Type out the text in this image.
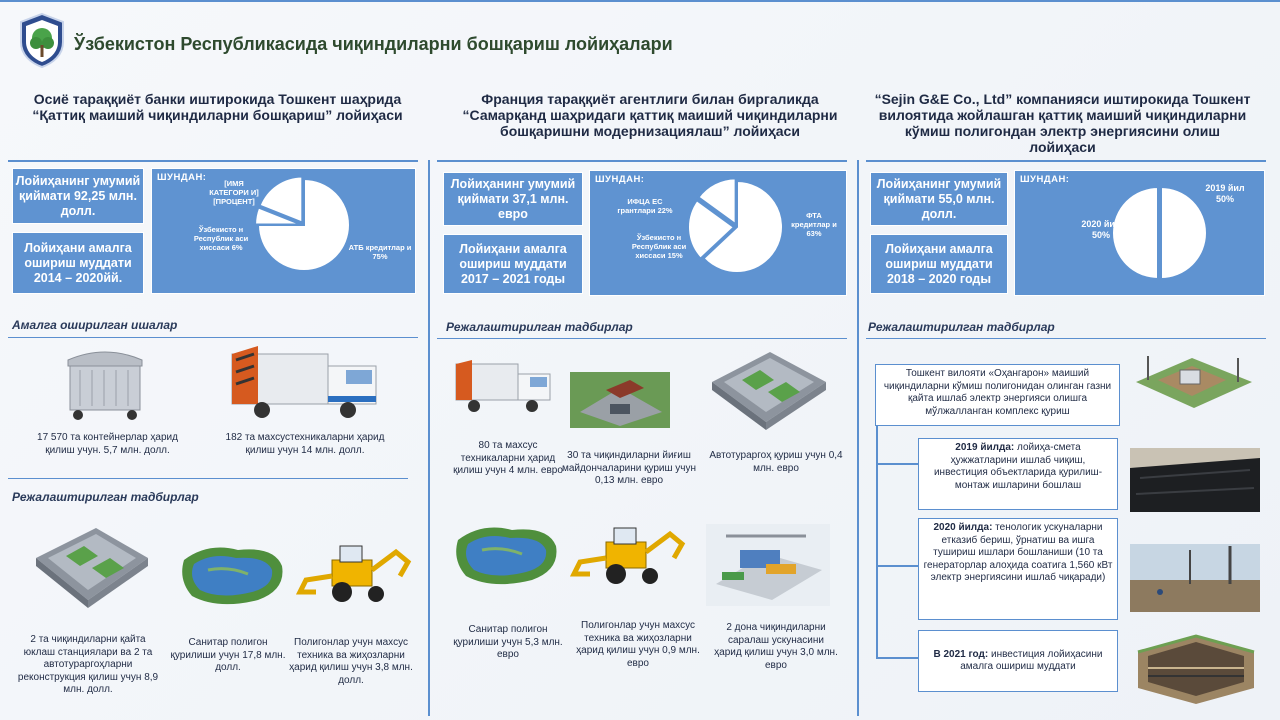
Ўзбекистон Республикасида чиқиндиларни бошқариш лойиҳалари
Осиё тараққиёт банки иштирокида Тошкент шаҳрида “Қаттиқ маиший чиқиндиларни бошқариш” лойиҳаси
Франция тараққиёт агентлиги билан биргаликда “Самарқанд шаҳридаги қаттиқ маиший чиқиндиларни бошқаришни модернизациялаш” лойиҳаси
“Sejin G&E Co., Ltd” компанияси иштирокида Тошкент вилоятида жойлашган қаттиқ маиший чиқиндиларни кўмиш полигондан электр энергиясини олиш лойиҳаси
Лойиҳанинг умумий қиймати 92,25 млн. долл.
Лойиҳани амалга ошириш муддати 2014 – 2020йй.
ШУНДАН:
[ИМЯ КАТЕГОРИ И] [ПРОЦЕНТ]
Ўзбекисто н Республик аси хиссаси 6%	АТБ кредитлар и 75%
Амалга оширилган ишалар
17 570 та контейнерлар ҳарид қилиш учун. 5,7 млн. долл.
182 та махсустехникаларни ҳарид қилиш учун 14 млн. долл.
Режалаштирилган тадбирлар
2 та чиқиндиларни қайта юклаш станциялари ва 2 та автотураргоҳларни реконструкция қилиш учун 8,9 млн. долл.
Санитар полигон қурилиши учун 17,8 млн. долл.
Полигонлар учун махсус техника ва жиҳозларни ҳарид қилиш учун 3,8 млн. долл.
Лойиҳанинг умумий қиймати 37,1 млн. евро
Лойиҳани амалга ошириш муддати 2017 – 2021 годы
ШУНДАН:
ИФЦА ЕС грантлари 22%
Ўзбекисто н Республик аси хиссаси 15%
ФТА кредитлар и 63%
Режалаштирилган тадбирлар
80 та махсус техникаларни ҳарид қилиш учун 4 млн. евро
30 та чиқиндиларни йиғиш майдончаларини қуриш учун 0,13 млн. евро
Автотураргоҳ қуриш учун 0,4 млн. евро
Санитар полигон қурилиши учун 5,3 млн. евро
Полигонлар учун махсус техника ва жиҳозларни ҳарид қилиш учун 0,9 млн. евро
2 дона чиқиндиларни саралаш ускунасини ҳарид қилиш учун 3,0 млн. евро
Лойиҳанинг умумий қиймати 55,0 млн. долл.
Лойиҳани амалга ошириш муддати 2018 – 2020 годы
ШУНДАН:
2019 йил 50%
2020 йил 50%
Режалаштирилган тадбирлар
Тошкент вилояти «Оҳангарон» маиший чиқиндиларни кўмиш полигонидан олинган газни қайта ишлаб электр энергияси олишга мўлжалланган комплекс қуриш
2019 йилда: лойиҳа-смета ҳужжатларини ишлаб чиқиш, инвестиция объектларида қурилиш-монтаж ишларини бошлаш
2020 йилда: тенологик ускуналарни етказиб бериш, ўрнатиш ва ишга тушириш ишлари бошланиши (10 та генераторлар алоҳида соатига 1,560 кВт электр энергиясини ишлаб чиқаради)
В 2021 год: инвестиция лойиҳасини амалга ошириш муддати
